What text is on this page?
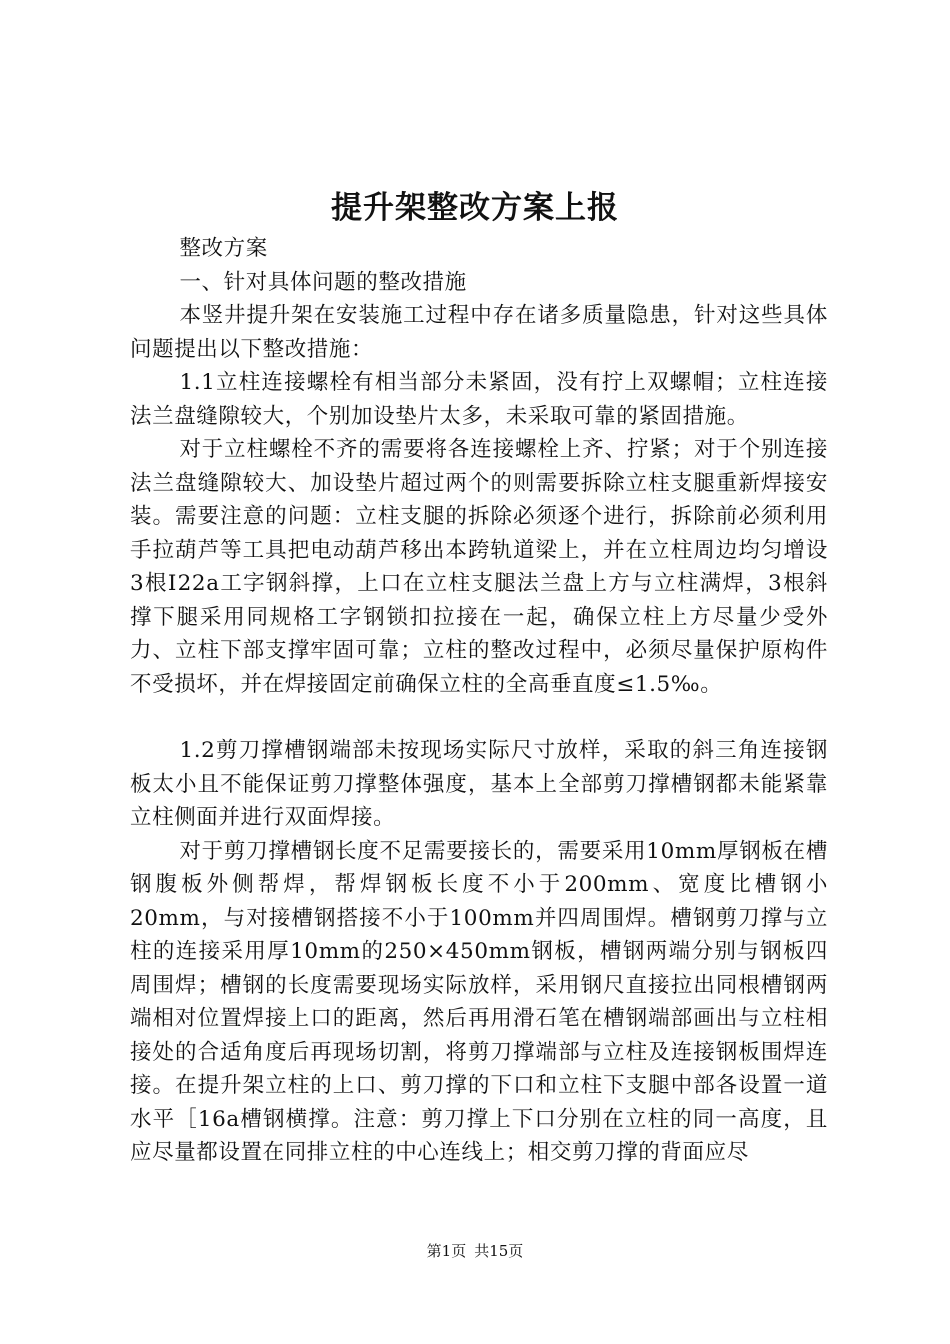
提升架整改方案上报

整改方案

一、针对具体问题的整改措施

本竖井提升架在安装施工过程中存在诸多质量隐患，针对这些具体问题提出以下整改措施：

1.1立柱连接螺栓有相当部分未紧固，没有拧上双螺帽；立柱连接法兰盘缝隙较大，个别加设垫片太多，未采取可靠的紧固措施。

对于立柱螺栓不齐的需要将各连接螺栓上齐、拧紧；对于个别连接法兰盘缝隙较大、加设垫片超过两个的则需要拆除立柱支腿重新焊接安装。需要注意的问题：立柱支腿的拆除必须逐个进行，拆除前必须利用手拉葫芦等工具把电动葫芦移出本跨轨道梁上，并在立柱周边均匀增设3根Ⅰ22a工字钢斜撑，上口在立柱支腿法兰盘上方与立柱满焊，3根斜撑下腿采用同规格工字钢锁扣拉接在一起，确保立柱上方尽量少受外力、立柱下部支撑牢固可靠；立柱的整改过程中，必须尽量保护原构件不受损坏，并在焊接固定前确保立柱的全高垂直度≤1.5‰。

1.2剪刀撑槽钢端部未按现场实际尺寸放样，采取的斜三角连接钢板太小且不能保证剪刀撑整体强度，基本上全部剪刀撑槽钢都未能紧靠立柱侧面并进行双面焊接。

对于剪刀撑槽钢长度不足需要接长的，需要采用10mm厚钢板在槽钢腹板外侧帮焊，帮焊钢板长度不小于200mm、宽度比槽钢小20mm，与对接槽钢搭接不小于100mm并四周围焊。槽钢剪刀撑与立柱的连接采用厚10mm的250×450mm钢板，槽钢两端分别与钢板四周围焊；槽钢的长度需要现场实际放样，采用钢尺直接拉出同根槽钢两端相对位置焊接上口的距离，然后再用滑石笔在槽钢端部画出与立柱相接处的合适角度后再现场切割，将剪刀撑端部与立柱及连接钢板围焊连接。在提升架立柱的上口、剪刀撑的下口和立柱下支腿中部各设置一道水平［16a槽钢横撑。注意：剪刀撑上下口分别在立柱的同一高度，且应尽量都设置在同排立柱的中心连线上；相交剪刀撑的背面应尽

第1页 共15页
